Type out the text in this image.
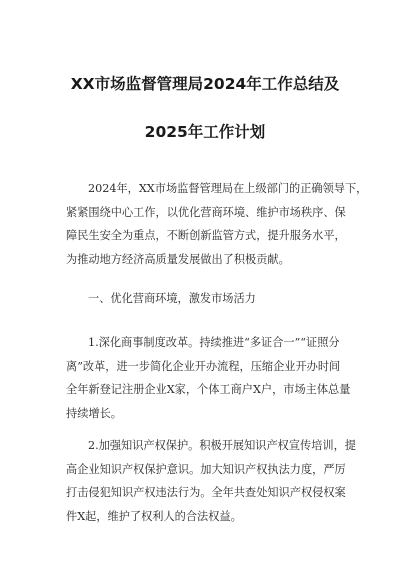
XX市场监督管理局2024年工作总结及
2025年工作计划
2024年，XX市场监督管理局在上级部门的正确领导下，
紧紧围绕中心工作，以优化营商环境、维护市场秩序、保
障民生安全为重点，不断创新监管方式，提升服务水平，
为推动地方经济高质量发展做出了积极贡献。
一、优化营商环境，激发市场活力
1.深化商事制度改革。持续推进“多证合一”“证照分
离”改革，进一步简化企业开办流程，压缩企业开办时间
全年新登记注册企业X家，个体工商户X户，市场主体总量
持续增长。
2.加强知识产权保护。积极开展知识产权宣传培训，提
高企业知识产权保护意识。加大知识产权执法力度，严厉
打击侵犯知识产权违法行为。全年共查处知识产权侵权案
件X起，维护了权利人的合法权益。
